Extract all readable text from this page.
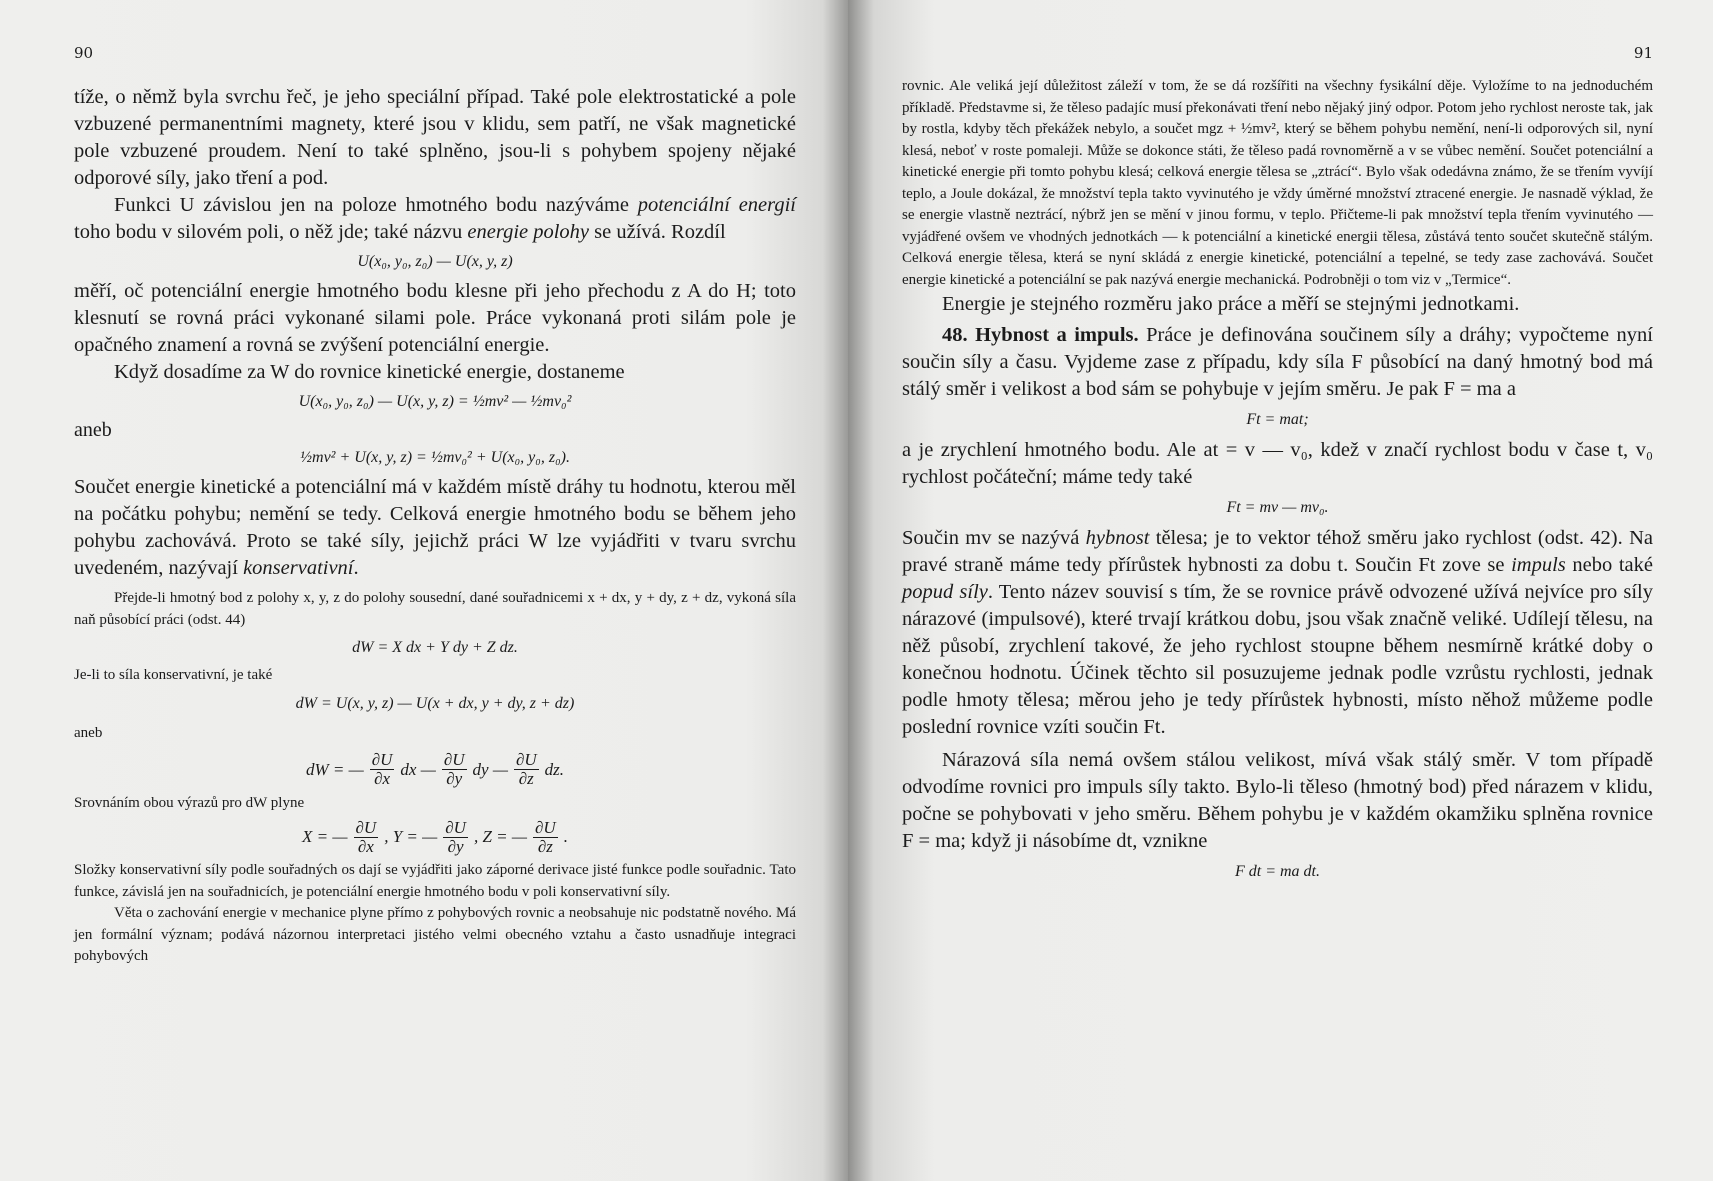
90

tíže, o němž byla svrchu řeč, je jeho speciální případ. Také pole elektrostatické a pole vzbuzené permanentními magnety, které jsou v klidu, sem patří, ne však magnetické pole vzbuzené proudem. Není to také splněno, jsou-li s pohybem spojeny nějaké odporové síly, jako tření a pod.

Funkci U závislou jen na poloze hmotného bodu nazýváme potenciální energií toho bodu v silovém poli, o něž jde; také názvu energie polohy se užívá. Rozdíl

U(x₀, y₀, z₀) — U(x, y, z)

měří, oč potenciální energie hmotného bodu klesne při jeho přechodu z A do H; toto klesnutí se rovná práci vykonané silami pole. Práce vykonaná proti silám pole je opačného znamení a rovná se zvýšení potenciální energie.

Když dosadíme za W do rovnice kinetické energie, dostaneme

U(x₀, y₀, z₀) — U(x, y, z) = ½mv² — ½mv₀²
aneb
½mv² + U(x, y, z) = ½mv₀² + U(x₀, y₀, z₀).

Součet energie kinetické a potenciální má v každém místě dráhy tu hodnotu, kterou měl na počátku pohybu; nemění se tedy. Celková energie hmotného bodu se během jeho pohybu zachovává. Proto se také síly, jejichž práci W lze vyjádřiti v tvaru svrchu uvedeném, nazývají konservativní.

Přejde-li hmotný bod z polohy x, y, z do polohy sousední, dané souřadnicemi x + dx, y + dy, z + dz, vykoná síla naň působící práci (odst. 44)

dW = X dx + Y dy + Z dz.

Je-li to síla konservativní, je také

dW = U(x, y, z) — U(x + dx, y + dy, z + dz)
aneb
dW = — $\frac{\partial U}{\partial x}$ dx — $\frac{\partial U}{\partial y}$ dy — $\frac{\partial U}{\partial z}$ dz.

Srovnáním obou výrazů pro dW plyne

X = — $\frac{\partial U}{\partial x}$ , Y = — $\frac{\partial U}{\partial y}$ , Z = — $\frac{\partial U}{\partial z}$ .

Složky konservativní síly podle souřadných os dají se vyjádřiti jako záporné derivace jisté funkce podle souřadnic. Tato funkce, závislá jen na souřadnicích, je potenciální energie hmotného bodu v poli konservativní síly.

Věta o zachování energie v mechanice plyne přímo z pohybových rovnic a neobsahuje nic podstatně nového. Má jen formální význam; podává názornou interpretaci jistého velmi obecného vztahu a často usnadňuje integraci pohybových

91

rovnic. Ale veliká její důležitost záleží v tom, že se dá rozšířiti na všechny fysikální děje. Vyložíme to na jednoduchém příkladě. Představme si, že těleso padajíc musí překonávati tření nebo nějaký jiný odpor. Potom jeho rychlost neroste tak, jak by rostla, kdyby těch překážek nebylo, a součet mgz + ½mv², který se během pohybu nemění, není-li odporových sil, nyní klesá, neboť v roste pomaleji. Může se dokonce státi, že těleso padá rovnoměrně a v se vůbec nemění. Součet potenciální a kinetické energie při tomto pohybu klesá; celková energie tělesa se „ztrácí“. Bylo však odedávna známo, že se třením vyvíjí teplo, a Joule dokázal, že množství tepla takto vyvinutého je vždy úměrné množství ztracené energie. Je nasnadě výklad, že se energie vlastně neztrácí, nýbrž jen se mění v jinou formu, v teplo. Přičteme-li pak množství tepla třením vyvinutého — vyjádřené ovšem ve vhodných jednotkách — k potenciální a kinetické energii tělesa, zůstává tento součet skutečně stálým. Celková energie tělesa, která se nyní skládá z energie kinetické, potenciální a tepelné, se tedy zase zachovává. Součet energie kinetické a potenciální se pak nazývá energie mechanická. Podrobněji o tom viz v „Termice“.

Energie je stejného rozměru jako práce a měří se stejnými jednotkami.

48. Hybnost a impuls. Práce je definována součinem síly a dráhy; vypočteme nyní součin síly a času. Vyjdeme zase z případu, kdy síla F působící na daný hmotný bod má stálý směr i velikost a bod sám se pohybuje v jejím směru. Je pak F = ma a

Ft = mat;

a je zrychlení hmotného bodu. Ale at = v — v₀, kdež v značí rychlost bodu v čase t, v₀ rychlost počáteční; máme tedy také

Ft = mv — mv₀.

Součin mv se nazývá hybnost tělesa; je to vektor téhož směru jako rychlost (odst. 42). Na pravé straně máme tedy přírůstek hybnosti za dobu t. Součin Ft zove se impuls nebo také popud síly. Tento název souvisí s tím, že se rovnice právě odvozené užívá nejvíce pro síly nárazové (impulsové), které trvají krátkou dobu, jsou však značně veliké. Udílejí tělesu, na něž působí, zrychlení takové, že jeho rychlost stoupne během nesmírně krátké doby o konečnou hodnotu. Účinek těchto sil posuzujeme jednak podle vzrůstu rychlosti, jednak podle hmoty tělesa; měrou jeho je tedy přírůstek hybnosti, místo něhož můžeme podle poslední rovnice vzíti součin Ft.

Nárazová síla nemá ovšem stálou velikost, mívá však stálý směr. V tom případě odvodíme rovnici pro impuls síly takto. Bylo-li těleso (hmotný bod) před nárazem v klidu, počne se pohybovati v jeho směru. Během pohybu je v každém okamžiku splněna rovnice F = ma; když ji násobíme dt, vznikne

F dt = ma dt.
